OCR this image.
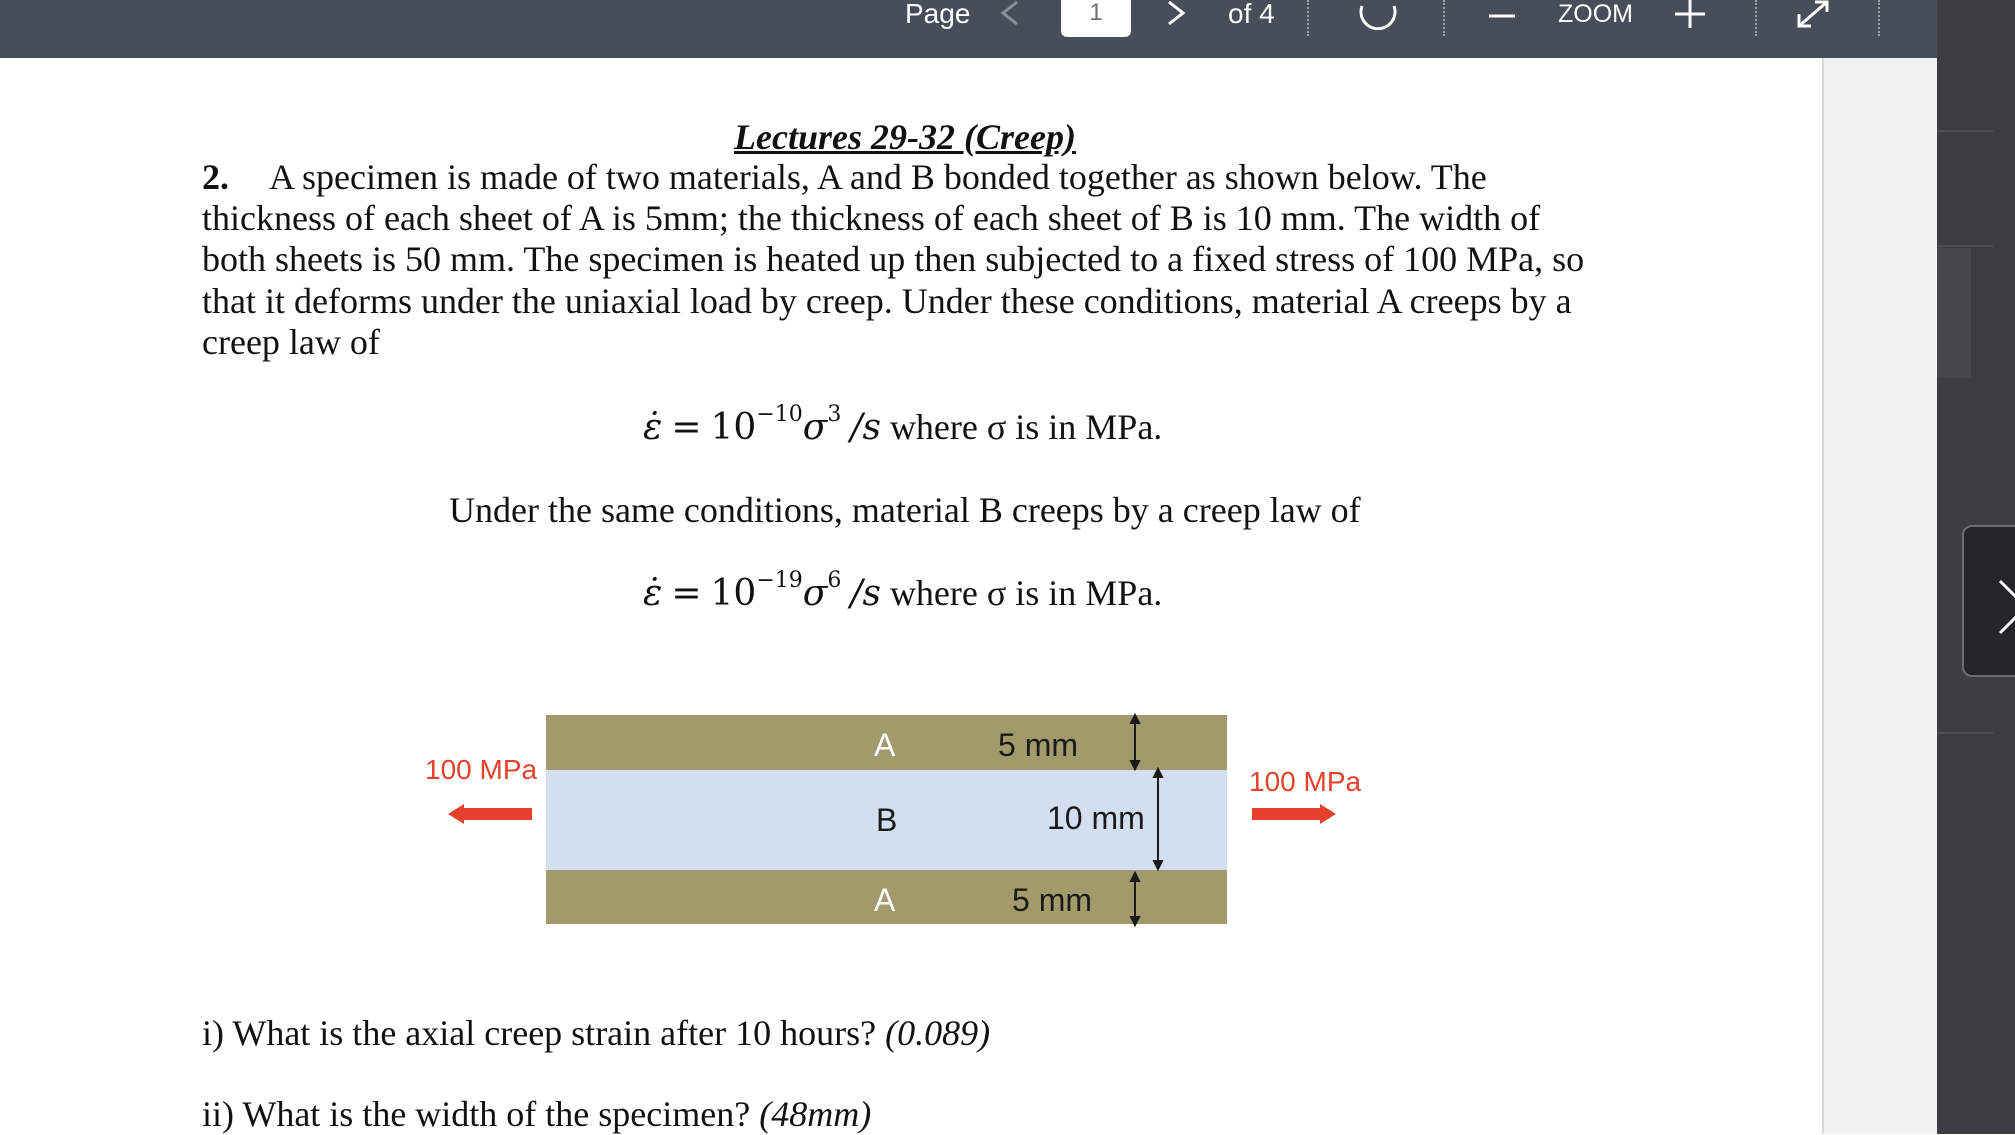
Page	1	of 4	ZOOM
Lectures 29-32 (Creep)
2. A specimen is made of two materials, A and B bonded together as shown below. The
thickness of each sheet of A is 5mm; the thickness of each sheet of B is 10 mm. The width of
both sheets is 50 mm. The specimen is heated up then subjected to a fixed stress of 100 MPa, so
that it deforms under the uniaxial load by creep. Under these conditions, material A creeps by a
creep law of
ε̇ = $10^{-10}\sigma^3$ /s where σ is in MPa.
Under the same conditions, material B creeps by a creep law of
ε̇ = $10^{-19}\sigma^6$ /s where σ is in MPa.
A
B
A
5 mm
10 mm
5 mm
100 MPa	100 MPa
i) What is the axial creep strain after 10 hours? (0.089)
ii) What is the width of the specimen? (48mm)
